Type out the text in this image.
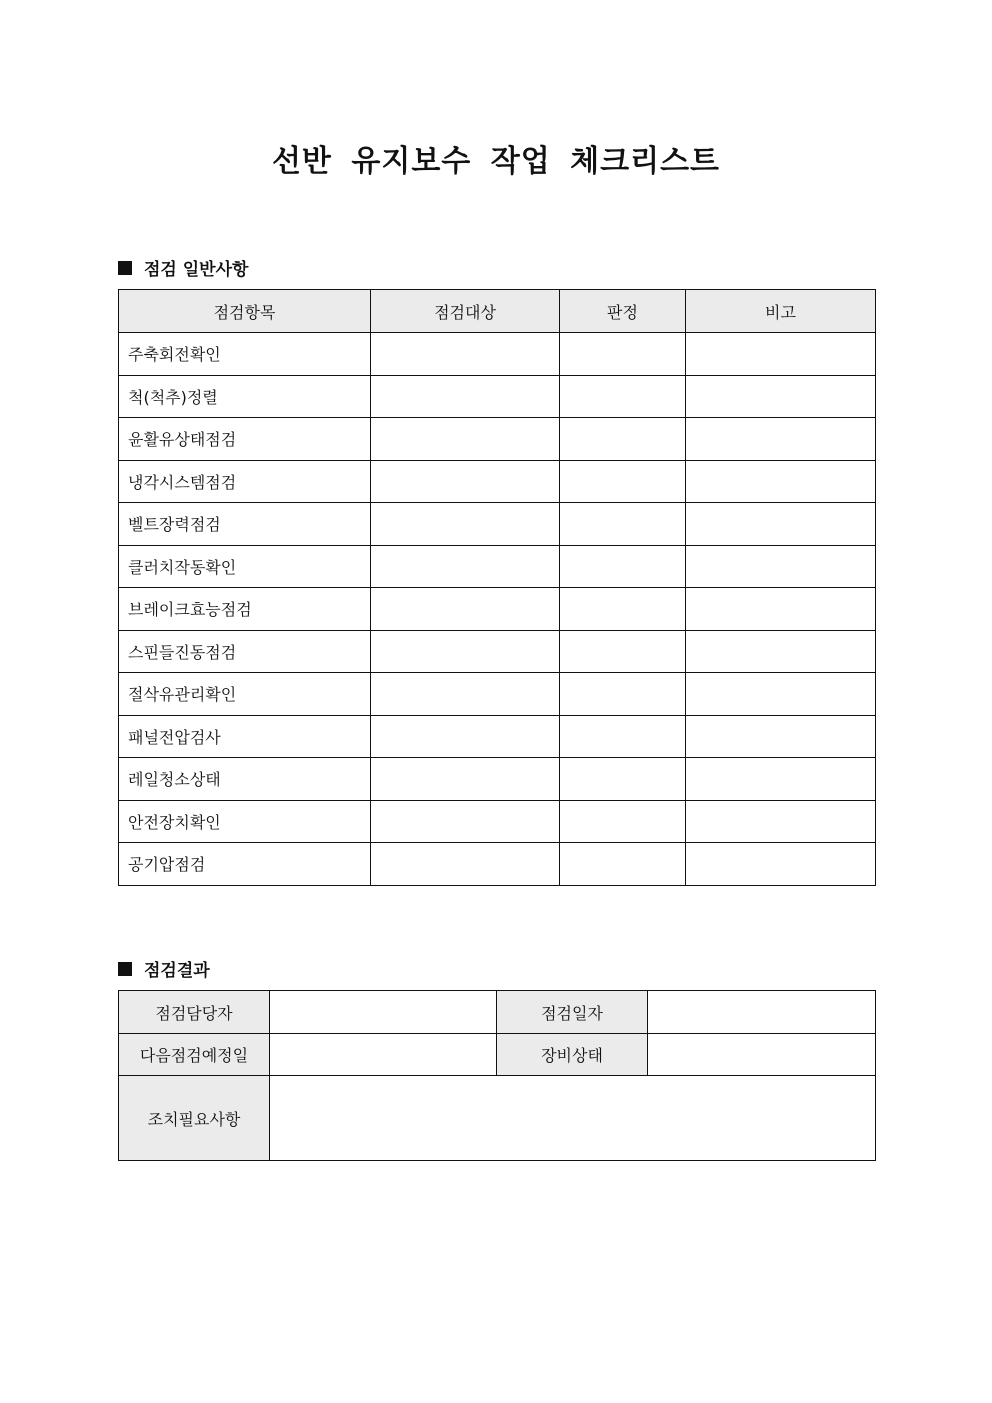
선반 유지보수 작업 체크리스트
점검 일반사항
점검항목	점검대상	판정	비고
주축회전확인			
척(척추)정렬			
윤활유상태점검			
냉각시스템점검			
벨트장력점검			
클러치작동확인			
브레이크효능점검			
스핀들진동점검			
절삭유관리확인			
패널전압검사			
레일청소상태			
안전장치확인			
공기압점검			
점검결과
점검담당자		점검일자	
다음점검예정일		장비상태	
조치필요사항			
